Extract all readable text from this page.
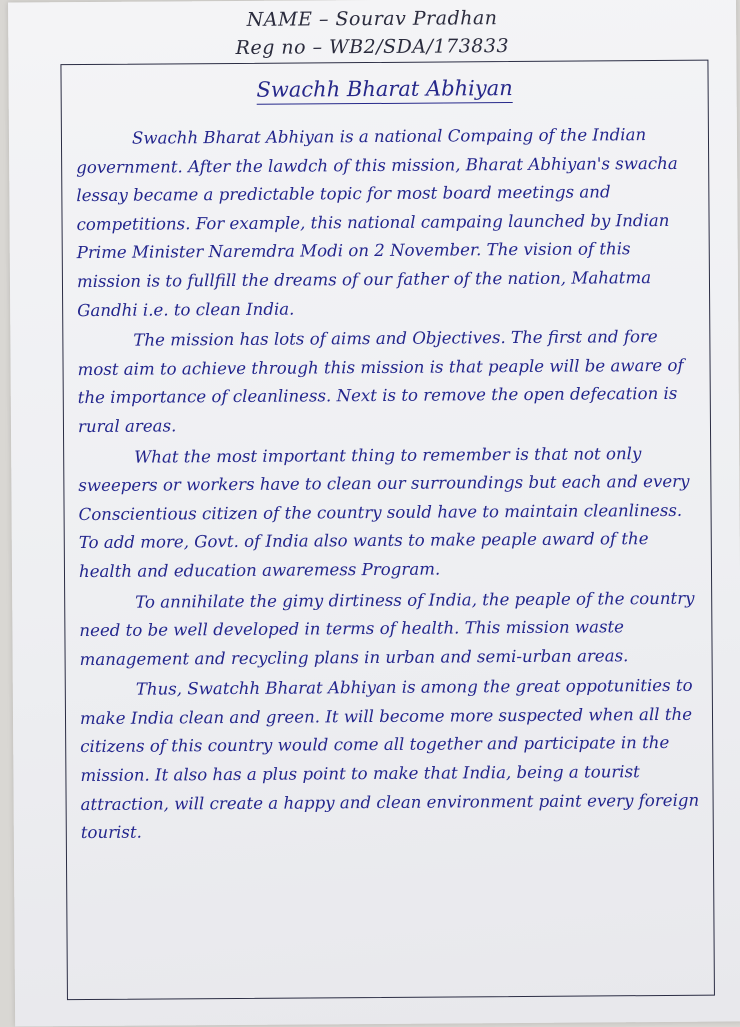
NAME – Sourav Pradhan
Reg no – WB2/SDA/173833
Swachh Bharat Abhiyan

Swachh Bharat Abhiyan is a national Compaing of the Indian government. After the lawdch of this mission, Bharat Abhiyan's swacha lessay became a predictable topic for most board meetings and competitions. For example, this national campaing launched by Indian Prime Minister Naremdra Modi on 2 November. The vision of this mission is to fullfill the dreams of our father of the nation, Mahatma Gandhi i.e. to clean India.

The mission has lots of aims and Objectives. The first and fore most aim to achieve through this mission is that peaple will be aware of the importance of cleanliness. Next is to remove the open defecation is rural areas.

What the most important thing to remember is that not only sweepers or workers have to clean our surroundings but each and every Conscientious citizen of the country sould have to maintain cleanliness. To add more, Govt. of India also wants to make peaple award of the health and education awaremess Program.

To annihilate the gimy dirtiness of India, the peaple of the country need to be well developed in terms of health. This mission waste management and recycling plans in urban and semi-urban areas.

Thus, Swatchh Bharat Abhiyan is among the great oppotunities to make India clean and green. It will become more suspected when all the citizens of this country would come all together and participate in the mission. It also has a plus point to make that India, being a tourist attraction, will create a happy and clean environment paint every foreign tourist.
